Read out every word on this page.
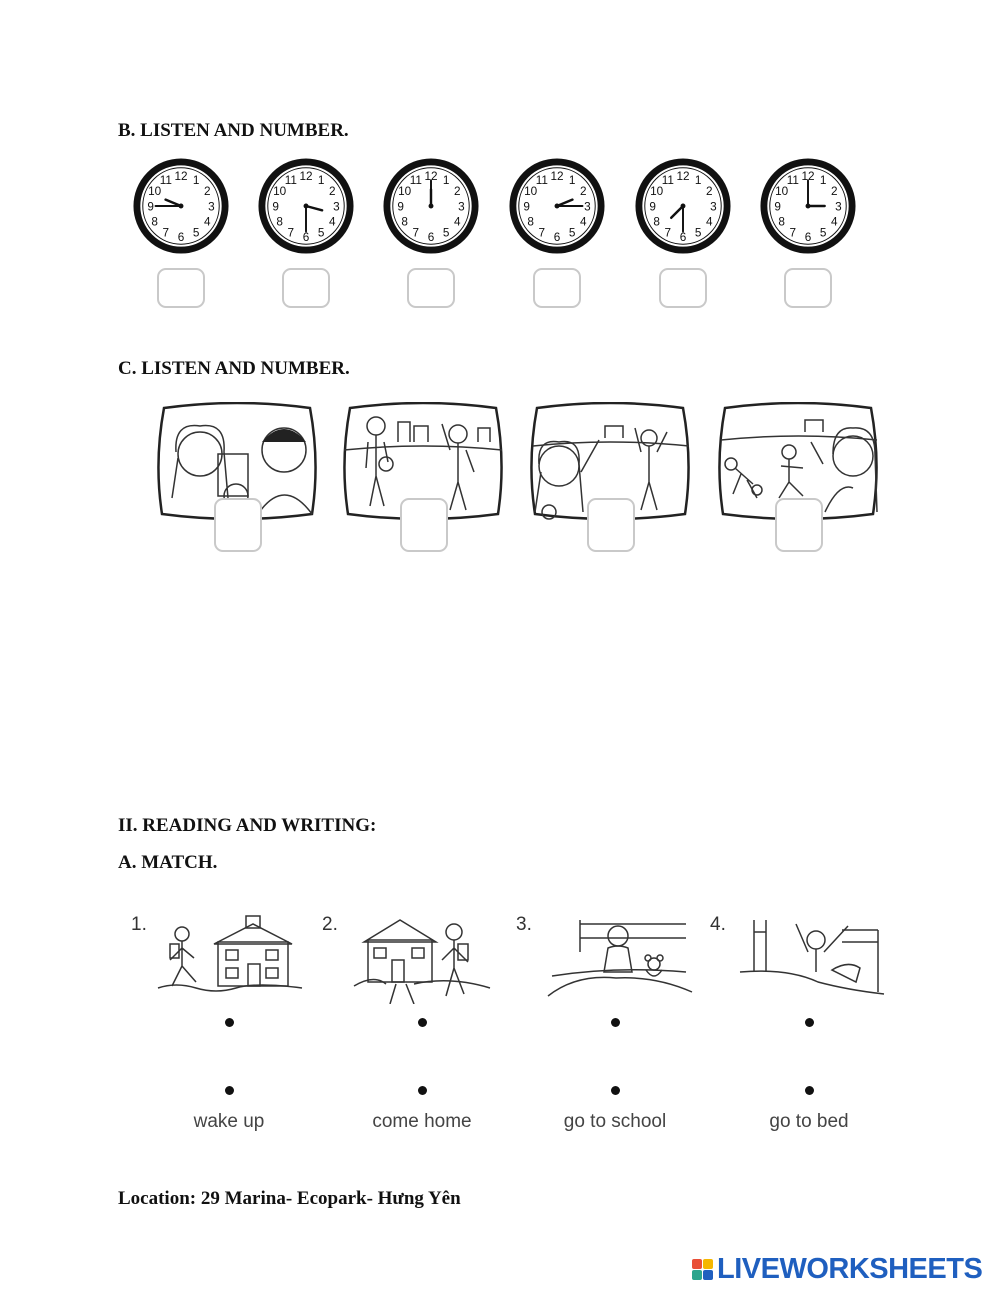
B. LISTEN AND NUMBER.
12 1
2
3
4
5
6
7
8
9
10
11	12 1
2
3
4
5
6
7
8
9
10
11	12 1
2
3
4
5
6
7
8
9
10
11	12 1
2
3
4
5
6
7
8
9
10
11	12 1
2
3
4
5
6
7
8
9
10
11	12 1
2
3
4
5
6
7
8
9
10
11
C. LISTEN AND NUMBER.
II. READING AND WRITING:
A. MATCH.
1.	2.	3.	4.
wake up	come home	go to school	go to bed

Location: 29 Marina- Ecopark- Hưng Yên

LIVEWORKSHEETS
